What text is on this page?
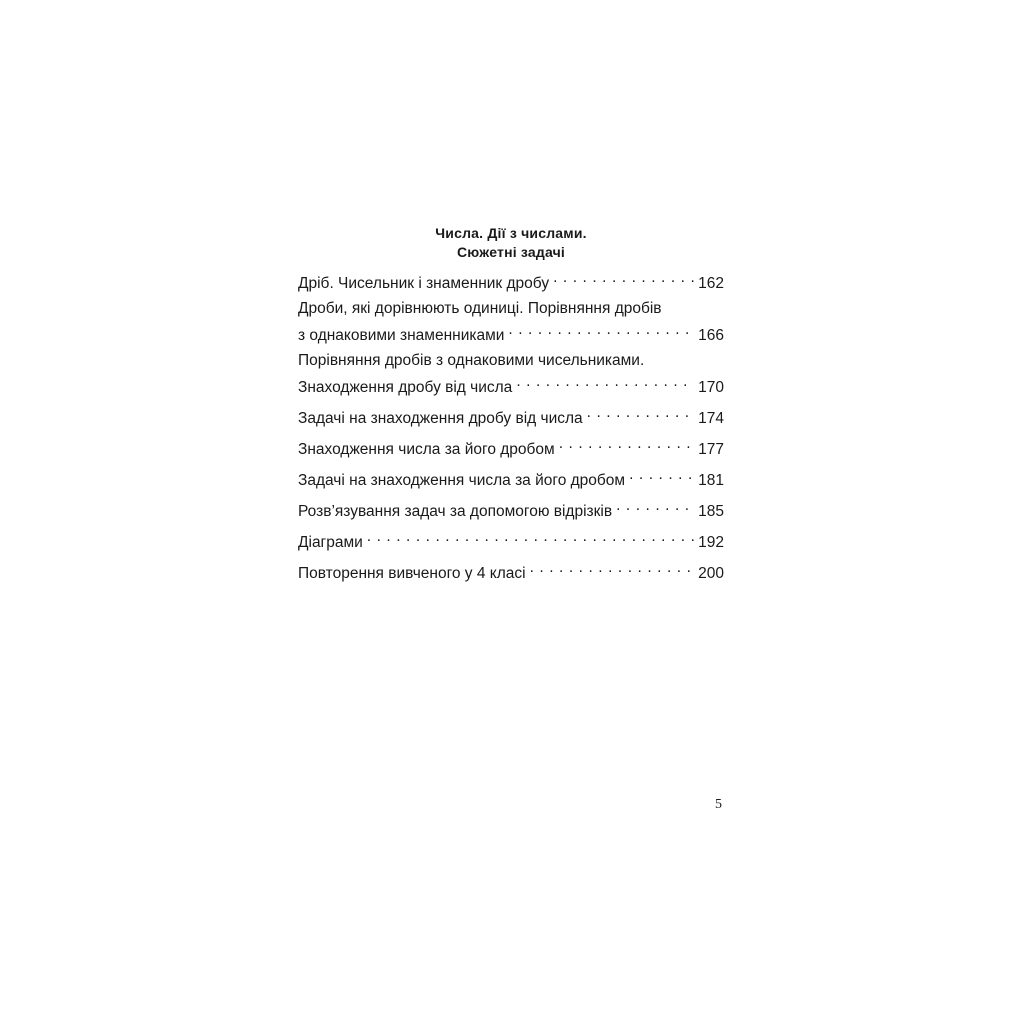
Числа. Дії з числами.
Сюжетні задачі
Дріб. Чисельник і знаменник дробу . . .	162
Дроби, які дорівнюють одиниці. Порівняння дробів
з однаковими знаменниками . . .	166
Порівняння дробів з однаковими чисельниками.
Знаходження дробу від числа . . .	170
Задачі на знаходження дробу від числа . . .	174
Знаходження числа за його дробом . . .	177
Задачі на знаходження числа за його дробом . . .	181
Розв’язування задач за допомогою відрізків . . .	185
Діаграми . . .	192
Повторення вивченого у 4 класі . . .	200
5
